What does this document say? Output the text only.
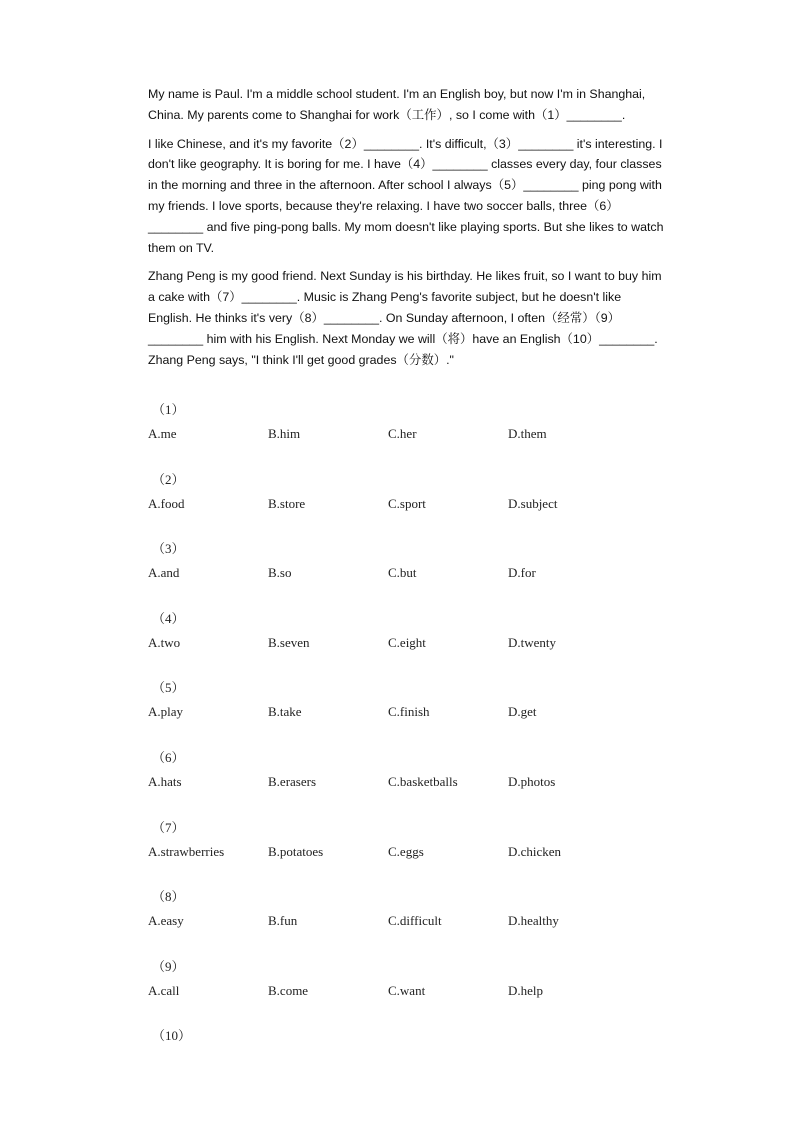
My name is Paul. I'm a middle school student. I'm an English boy, but now I'm in Shanghai, China. My parents come to Shanghai for work（工作）, so I come with（1）________.

I like Chinese, and it's my favorite（2）________. It's difficult,（3）________ it's interesting. I don't like geography. It is boring for me. I have（4）________ classes every day, four classes in the morning and three in the afternoon. After school I always（5）________ ping pong with my friends. I love sports, because they're relaxing. I have two soccer balls, three（6）________ and five ping-pong balls. My mom doesn't like playing sports. But she likes to watch them on TV.

Zhang Peng is my good friend. Next Sunday is his birthday. He likes fruit, so I want to buy him a cake with（7）________. Music is Zhang Peng's favorite subject, but he doesn't like English. He thinks it's very（8）________. On Sunday afternoon, I often（经常）（9）________ him with his English. Next Monday we will（将）have an English（10）________. Zhang Peng says, "I think I'll get good grades（分数）."

（1）
A.me	B.him	C.her	D.them
（2）
A.food	B.store	C.sport	D.subject
（3）
A.and	B.so	C.but	D.for
（4）
A.two	B.seven	C.eight	D.twenty
（5）
A.play	B.take	C.finish	D.get
（6）
A.hats	B.erasers	C.basketballs	D.photos
（7）
A.strawberries	B.potatoes	C.eggs	D.chicken
（8）
A.easy	B.fun	C.difficult	D.healthy
（9）
A.call	B.come	C.want	D.help
（10）
